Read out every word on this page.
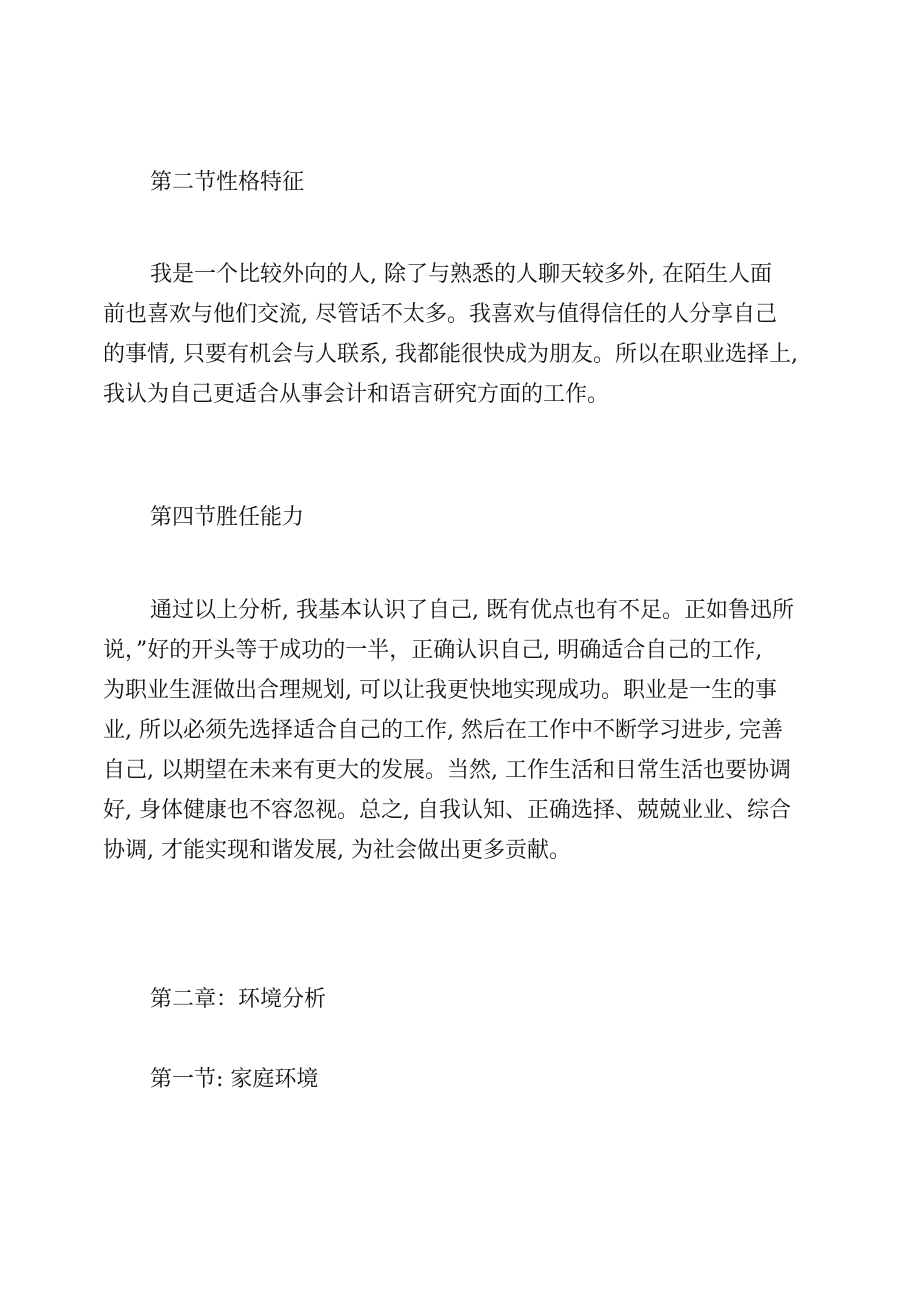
第二节性格特征
我是一个比较外向的人, 除了与熟悉的人聊天较多外, 在陌生人面
前也喜欢与他们交流, 尽管话不太多。我喜欢与值得信任的人分享自己
的事情, 只要有机会与人联系, 我都能很快成为朋友。所以在职业选择上,
我认为自己更适合从事会计和语言研究方面的工作。
第四节胜任能力
通过以上分析, 我基本认识了自己, 既有优点也有不足。正如鲁迅所
说，”好的开头等于成功的一半，正确认识自己, 明确适合自己的工作,
为职业生涯做出合理规划, 可以让我更快地实现成功。职业是一生的事
业, 所以必须先选择适合自己的工作, 然后在工作中不断学习进步, 完善
自己, 以期望在未来有更大的发展。当然, 工作生活和日常生活也要协调
好, 身体健康也不容忽视。总之, 自我认知、正确选择、兢兢业业、综合
协调, 才能实现和谐发展, 为社会做出更多贡献。
第二章：环境分析
第一节: 家庭环境
